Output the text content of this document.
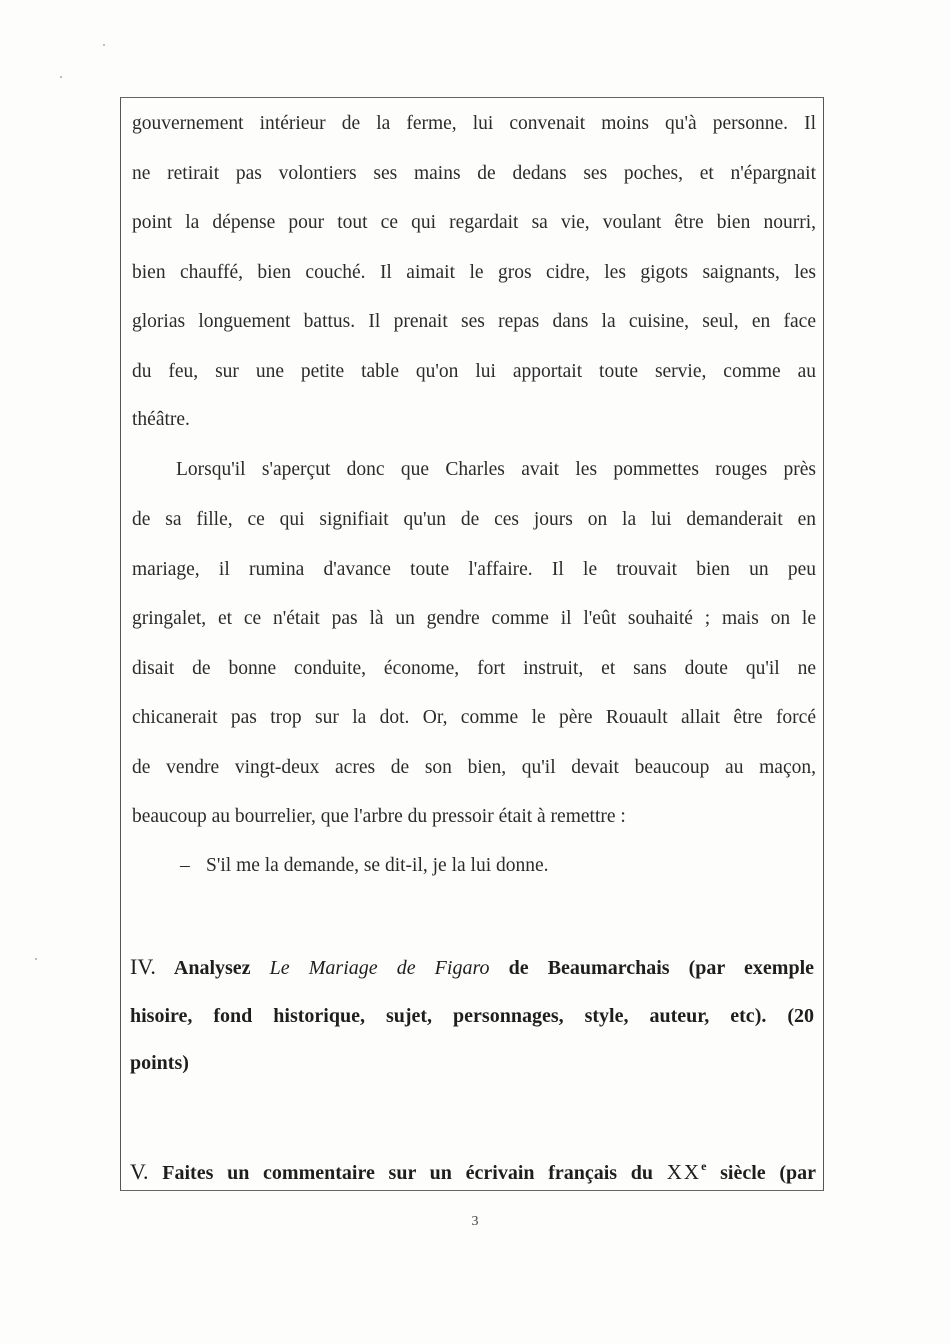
gouvernement intérieur de la ferme, lui convenait moins qu'à personne. Il
ne retirait pas volontiers ses mains de dedans ses poches, et n'épargnait
point la dépense pour tout ce qui regardait sa vie, voulant être bien nourri,
bien chauffé, bien couché. Il aimait le gros cidre, les gigots saignants, les
glorias longuement battus. Il prenait ses repas dans la cuisine, seul, en face
du feu, sur une petite table qu'on lui apportait toute servie, comme au
théâtre.
Lorsqu'il s'aperçut donc que Charles avait les pommettes rouges près
de sa fille, ce qui signifiait qu'un de ces jours on la lui demanderait en
mariage, il rumina d'avance toute l'affaire. Il le trouvait bien un peu
gringalet, et ce n'était pas là un gendre comme il l'eût souhaité ; mais on le
disait de bonne conduite, économe, fort instruit, et sans doute qu'il ne
chicanerait pas trop sur la dot. Or, comme le père Rouault allait être forcé
de vendre vingt-deux acres de son bien, qu'il devait beaucoup au maçon,
beaucoup au bourrelier, que l'arbre du pressoir était à remettre :
– S'il me la demande, se dit-il, je la lui donne.
IV. Analysez Le Mariage de Figaro de Beaumarchais (par exemple
hisoire, fond historique, sujet, personnages, style, auteur, etc). (20
points)
V. Faites un commentaire sur un écrivain français du XXe siècle (par
3
